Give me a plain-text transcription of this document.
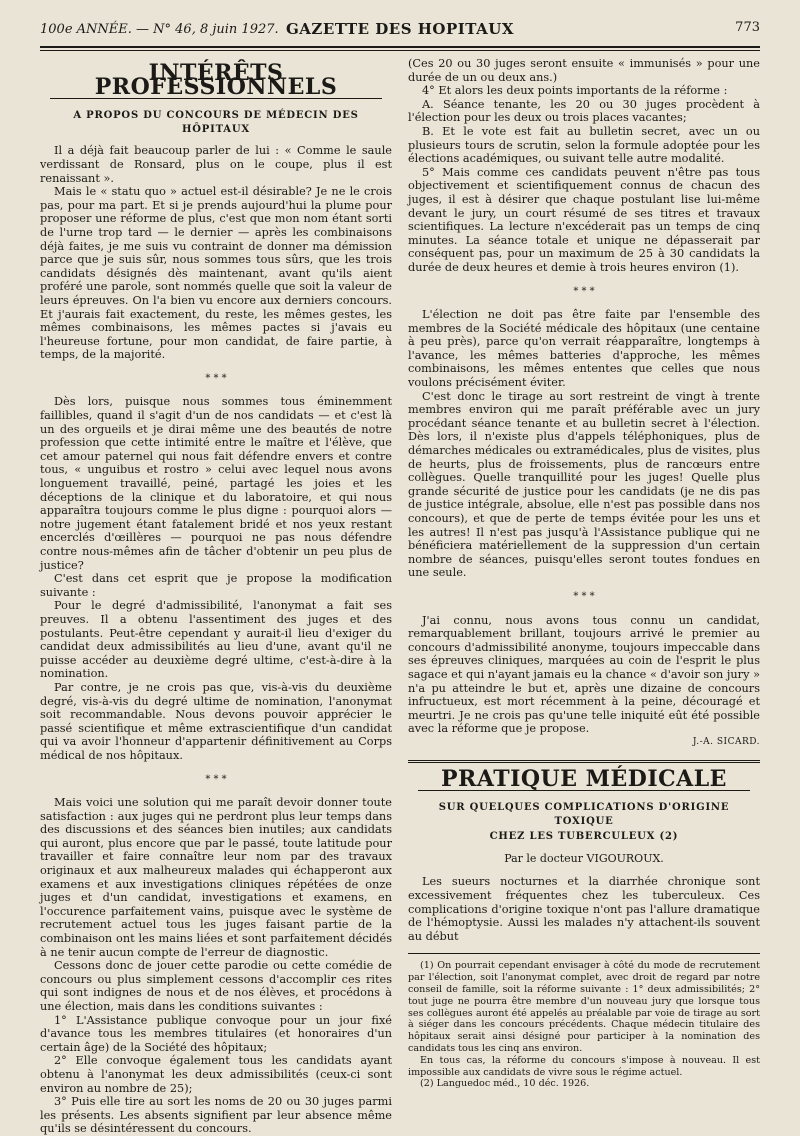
100e ANNÉE. — N° 46, 8 juin 1927. GAZETTE DES HOPITAUX	773
INTÉRÊTS PROFESSIONNELS
A PROPOS DU CONCOURS DE MÉDECIN DES HÔPITAUX

Il a déjà fait beaucoup parler de lui : « Comme le saule verdissant de Ronsard, plus on le coupe, plus il est renaissant ».

Mais le « statu quo » actuel est-il désirable? Je ne le crois pas, pour ma part. Et si je prends aujourd'hui la plume pour proposer une réforme de plus, c'est que mon nom étant sorti de l'urne trop tard — le dernier — après les combinaisons déjà faites, je me suis vu contraint de donner ma démission parce que je suis sûr, nous sommes tous sûrs, que les trois candidats désignés dès maintenant, avant qu'ils aient proféré une parole, sont nommés quelle que soit la valeur de leurs épreuves. On l'a bien vu encore aux derniers concours. Et j'aurais fait exactement, du reste, les mêmes gestes, les mêmes combinaisons, les mêmes pactes si j'avais eu l'heureuse fortune, pour mon candidat, de faire partie, à temps, de la majorité.

* * *

Dès lors, puisque nous sommes tous éminemment faillibles, quand il s'agit d'un de nos candidats — et c'est là un des orgueils et je dirai même une des beautés de notre profession que cette intimité entre le maître et l'élève, que cet amour paternel qui nous fait défendre envers et contre tous, « unguibus et rostro » celui avec lequel nous avons longuement travaillé, peiné, partagé les joies et les déceptions de la clinique et du laboratoire, et qui nous apparaîtra toujours comme le plus digne : pourquoi alors — notre jugement étant fatalement bridé et nos yeux restant encerclés d'œillères — pourquoi ne pas nous défendre contre nous-mêmes afin de tâcher d'obtenir un peu plus de justice?

C'est dans cet esprit que je propose la modification suivante :

Pour le degré d'admissibilité, l'anonymat a fait ses preuves. Il a obtenu l'assentiment des juges et des postulants. Peut-être cependant y aurait-il lieu d'exiger du candidat deux admissibilités au lieu d'une, avant qu'il ne puisse accéder au deuxième degré ultime, c'est-à-dire à la nomination.

Par contre, je ne crois pas que, vis-à-vis du deuxième degré, vis-à-vis du degré ultime de nomination, l'anonymat soit recommandable. Nous devons pouvoir apprécier le passé scientifique et même extrascientifique d'un candidat qui va avoir l'honneur d'appartenir définitivement au Corps médical de nos hôpitaux.

* * *

Mais voici une solution qui me paraît devoir donner toute satisfaction : aux juges qui ne perdront plus leur temps dans des discussions et des séances bien inutiles; aux candidats qui auront, plus encore que par le passé, toute latitude pour travailler et faire connaître leur nom par des travaux originaux et aux malheureux malades qui échapperont aux examens et aux investigations cliniques répétées de onze juges et d'un candidat, investigations et examens, en l'occurence parfaitement vains, puisque avec le système de recrutement actuel tous les juges faisant partie de la combinaison ont les mains liées et sont parfaitement décidés à ne tenir aucun compte de l'erreur de diagnostic.

Cessons donc de jouer cette parodie ou cette comédie de concours ou plus simplement cessons d'accomplir ces rites qui sont indignes de nous et de nos élèves, et procédons à une élection, mais dans les conditions suivantes :

1° L'Assistance publique convoque pour un jour fixé d'avance tous les membres titulaires (et honoraires d'un certain âge) de la Société des hôpitaux;

2° Elle convoque également tous les candidats ayant obtenu à l'anonymat les deux admissibilités (ceux-ci sont environ au nombre de 25);

3° Puis elle tire au sort les noms de 20 ou 30 juges parmi les présents. Les absents signifient par leur absence même qu'ils se désintéressent du concours.

(Ces 20 ou 30 juges seront ensuite « immunisés » pour une durée de un ou deux ans.)

4° Et alors les deux points importants de la réforme :

A. Séance tenante, les 20 ou 30 juges procèdent à l'élection pour les deux ou trois places vacantes;

B. Et le vote est fait au bulletin secret, avec un ou plusieurs tours de scrutin, selon la formule adoptée pour les élections académiques, ou suivant telle autre modalité.

5° Mais comme ces candidats peuvent n'être pas tous objectivement et scientifiquement connus de chacun des juges, il est à désirer que chaque postulant lise lui-même devant le jury, un court résumé de ses titres et travaux scientifiques. La lecture n'excéderait pas un temps de cinq minutes. La séance totale et unique ne dépasserait par conséquent pas, pour un maximum de 25 à 30 candidats la durée de deux heures et demie à trois heures environ (1).

* * *

L'élection ne doit pas être faite par l'ensemble des membres de la Société médicale des hôpitaux (une centaine à peu près), parce qu'on verrait réapparaître, longtemps à l'avance, les mêmes batteries d'approche, les mêmes combinaisons, les mêmes ententes que celles que nous voulons précisément éviter.

C'est donc le tirage au sort restreint de vingt à trente membres environ qui me paraît préférable avec un jury procédant séance tenante et au bulletin secret à l'élection. Dès lors, il n'existe plus d'appels téléphoniques, plus de démarches médicales ou extramédicales, plus de visites, plus de heurts, plus de froissements, plus de rancœurs entre collègues. Quelle tranquillité pour les juges! Quelle plus grande sécurité de justice pour les candidats (je ne dis pas de justice intégrale, absolue, elle n'est pas possible dans nos concours), et que de perte de temps évitée pour les uns et les autres! Il n'est pas jusqu'à l'Assistance publique qui ne bénéficiera matériellement de la suppression d'un certain nombre de séances, puisqu'elles seront toutes fondues en une seule.

* * *

J'ai connu, nous avons tous connu un candidat, remarquablement brillant, toujours arrivé le premier au concours d'admissibilité anonyme, toujours impeccable dans ses épreuves cliniques, marquées au coin de l'esprit le plus sagace et qui n'ayant jamais eu la chance « d'avoir son jury » n'a pu atteindre le but et, après une dizaine de concours infructueux, est mort récemment à la peine, découragé et meurtri. Je ne crois pas qu'une telle iniquité eût été possible avec la réforme que je propose.

J.-A. SICARD.
PRATIQUE MÉDICALE
SUR QUELQUES COMPLICATIONS D'ORIGINE TOXIQUE
CHEZ LES TUBERCULEUX (2)
Par le docteur VIGOUROUX.

Les sueurs nocturnes et la diarrhée chronique sont excessivement fréquentes chez les tuberculeux. Ces complications d'origine toxique n'ont pas l'allure dramatique de l'hémoptysie. Aussi les malades n'y attachent-ils souvent au début

(1) On pourrait cependant envisager à côté du mode de recrutement par l'élection, soit l'anonymat complet, avec droit de regard par notre conseil de famille, soit la réforme suivante : 1° deux admissibilités; 2° tout juge ne pourra être membre d'un nouveau jury que lorsque tous ses collègues auront été appelés au préalable par voie de tirage au sort à siéger dans les concours précédents. Chaque médecin titulaire des hôpitaux serait ainsi désigné pour participer à la nomination des candidats tous les cinq ans environ.

En tous cas, la réforme du concours s'impose à nouveau. Il est impossible aux candidats de vivre sous le régime actuel.

(2) Languedoc méd., 10 déc. 1926.
